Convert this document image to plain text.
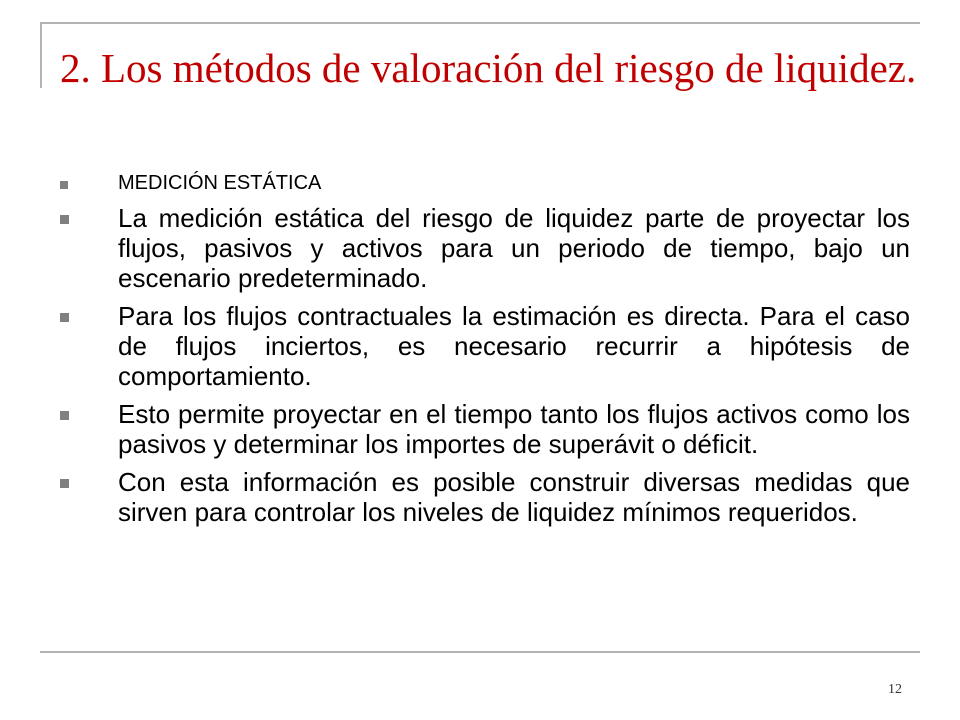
2. Los métodos de valoración del riesgo de liquidez.
MEDICIÓN ESTÁTICA
La medición estática del riesgo de liquidez parte de proyectar los flujos, pasivos y activos para un periodo de tiempo, bajo un escenario predeterminado.
Para los flujos contractuales la estimación es directa. Para el caso de flujos inciertos, es necesario recurrir a hipótesis de comportamiento.
Esto permite proyectar en el tiempo tanto los flujos activos como los pasivos y determinar los importes de superávit o déficit.
Con esta información es posible construir diversas medidas que sirven para controlar los niveles de liquidez mínimos requeridos.
12
